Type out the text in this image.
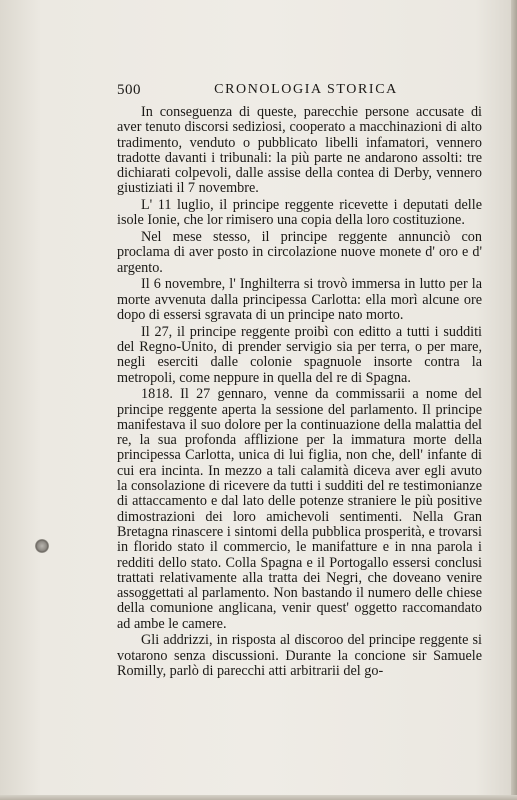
500	CRONOLOGIA STORICA

In conseguenza di queste, parecchie persone accusate di aver tenuto discorsi sediziosi, cooperato a macchinazioni di alto tradimento, venduto o pubblicato libelli infamatori, vennero tradotte davanti i tribunali: la più parte ne andarono assolti: tre dichiarati colpevoli, dalle assise della contea di Derby, vennero giustiziati il 7 novembre.

L' 11 luglio, il principe reggente ricevette i deputati delle isole Ionie, che lor rimisero una copia della loro costituzione.

Nel mese stesso, il principe reggente annunciò con proclama di aver posto in circolazione nuove monete d' oro e d' argento.

Il 6 novembre, l' Inghilterra si trovò immersa in lutto per la morte avvenuta dalla principessa Carlotta: ella morì alcune ore dopo di essersi sgravata di un principe nato morto.

Il 27, il principe reggente proibì con editto a tutti i sudditi del Regno-Unito, di prender servigio sia per terra, o per mare, negli eserciti dalle colonie spagnuole insorte contra la metropoli, come neppure in quella del re di Spagna.

1818. Il 27 gennaro, venne da commissarii a nome del principe reggente aperta la sessione del parlamento. Il principe manifestava il suo dolore per la continuazione della malattia del re, la sua profonda afflizione per la immatura morte della principessa Carlotta, unica di lui figlia, non che, dell' infante di cui era incinta. In mezzo a tali calamità diceva aver egli avuto la consolazione di ricevere da tutti i sudditi del re testimonianze di attaccamento e dal lato delle potenze straniere le più positive dimostrazioni dei loro amichevoli sentimenti. Nella Gran Bretagna rinascere i sintomi della pubblica prosperità, e trovarsi in florido stato il commercio, le manifatture e in nna parola i redditi dello stato. Colla Spagna e il Portogallo essersi conclusi trattati relativamente alla tratta dei Negri, che doveano venire assoggettati al parlamento. Non bastando il numero delle chiese della comunione anglicana, venir quest' oggetto raccomandato ad ambe le camere.

Gli addrizzi, in risposta al discoroo del principe reggente si votarono senza discussioni. Durante la concione sir Samuele Romilly, parlò di parecchi atti arbitrarii del go-
